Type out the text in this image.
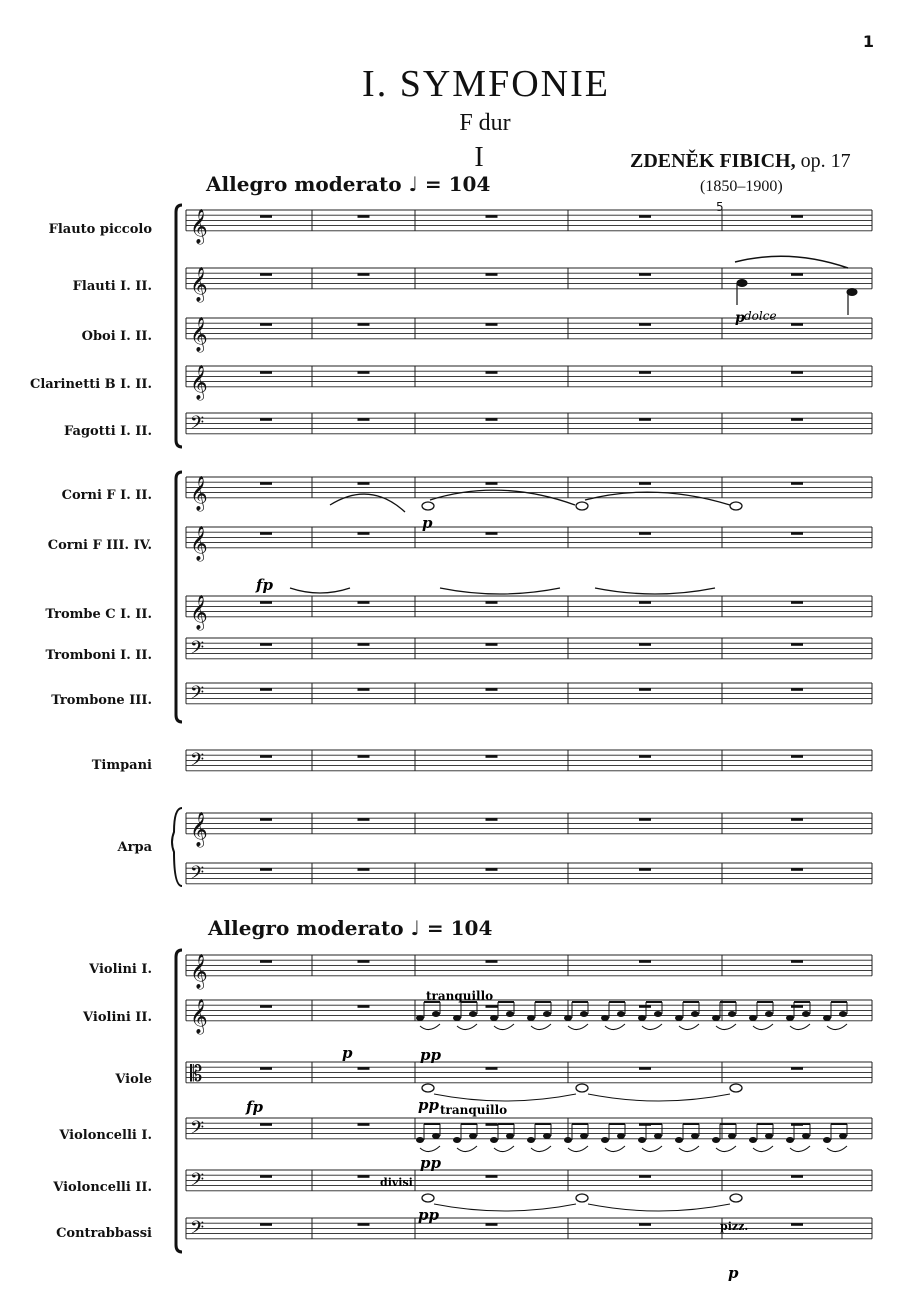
1
I. SYMFONIE
F dur
I	ZDENĚK FIBICH, op. 17
(1850–1900)
Allegro moderato ♩ = 104
Allegro moderato ♩ = 104
5
Flauto piccolo
Flauti I. II.
Oboi I. II.
Clarinetti B I. II.
Fagotti I. II.
Corni F I. II.
Corni F III. IV.
Trombe C I. II.
Tromboni I. II.
Trombone III.
Timpani
Arpa
Violini I.
Violini II.
Viole
Violoncelli I.
Violoncelli II.
Contrabbassi
𝄞
𝄞
𝄞
𝄞
𝄢
𝄞
𝄞
𝄞
𝄢
𝄢
𝄢
𝄞
𝄢
𝄞
𝄞
𝄡
𝄢
𝄢
𝄢
p dolce
p
fp
tranquillo
p	pp
fp	pp tranquillo
pp
divisi
pp
pizz.
p
